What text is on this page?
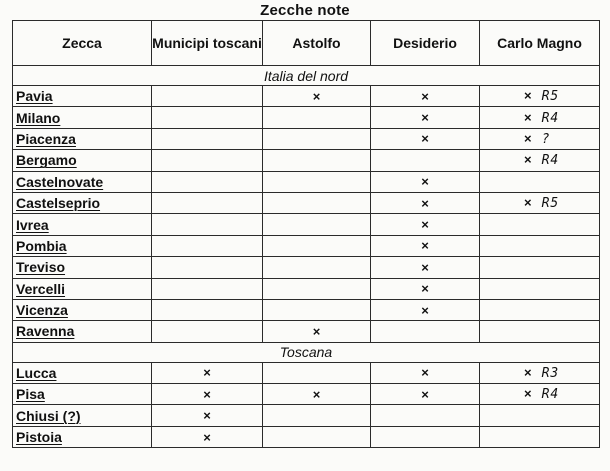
Zecche note
Zecca	Municipi toscani	Astolfo	Desiderio	Carlo Magno
Italia del nord				
Pavia		×	×	× R5
Milano			×	× R4
Piacenza			×	× ?
Bergamo				× R4
Castelnovate			×	
Castelseprio			×	× R5
Ivrea			×	
Pombia			×	
Treviso			×	
Vercelli			×	
Vicenza			×	
Ravenna		×		
Toscana				
Lucca	×		×	× R3
Pisa	×	×	×	× R4
Chiusi (?)	×			
Pistoia	×			
